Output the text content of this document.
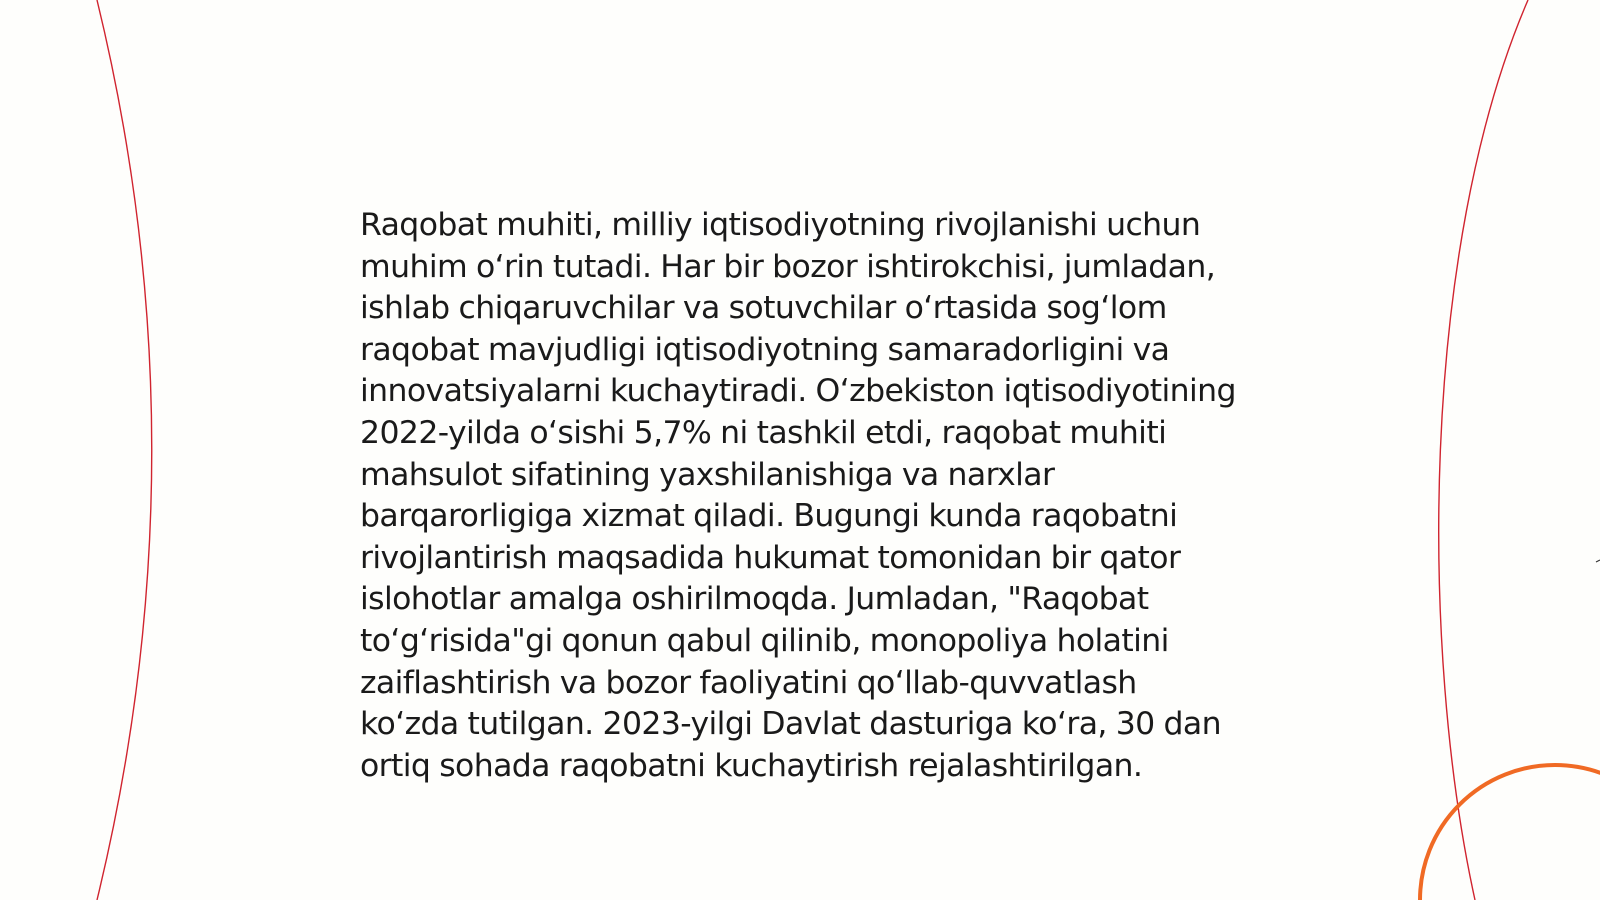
Raqobat muhiti, milliy iqtisodiyotning rivojlanishi uchun muhim o‘rin tutadi. Har bir bozor ishtirokchisi, jumladan, ishlab chiqaruvchilar va sotuvchilar o‘rtasida sog‘lom raqobat mavjudligi iqtisodiyotning samaradorligini va innovatsiyalarni kuchaytiradi. O‘zbekiston iqtisodiyotining 2022-yilda o‘sishi 5,7% ni tashkil etdi, raqobat muhiti mahsulot sifatining yaxshilanishiga va narxlar barqarorligiga xizmat qiladi. Bugungi kunda raqobatni rivojlantirish maqsadida hukumat tomonidan bir qator islohotlar amalga oshirilmoqda. Jumladan, "Raqobat to‘g‘risida"gi qonun qabul qilinib, monopoliya holatini zaiflashtirish va bozor faoliyatini qo‘llab-quvvatlash ko‘zda tutilgan. 2023-yilgi Davlat dasturiga ko‘ra, 30 dan ortiq sohada raqobatni kuchaytirish rejalashtirilgan.
